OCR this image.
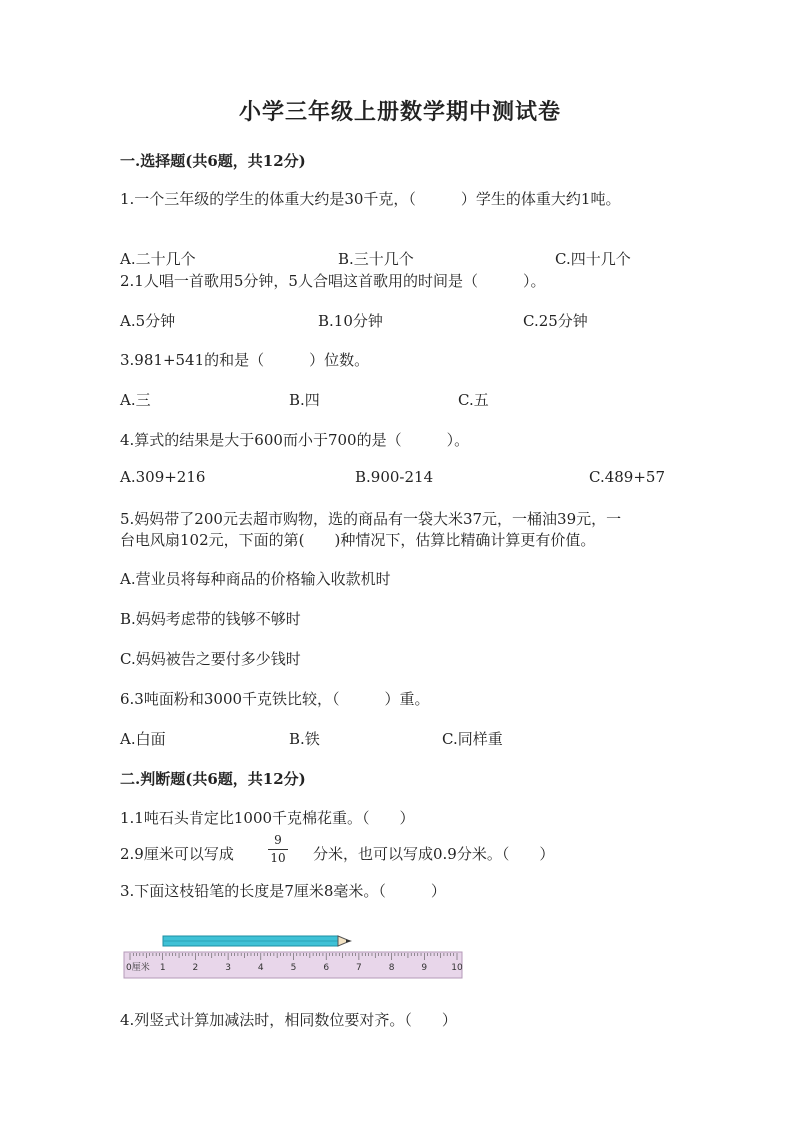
小学三年级上册数学期中测试卷
一.选择题(共6题，共12分)
1.一个三年级的学生的体重大约是30千克，（　　　）学生的体重大约1吨。
A.二十几个	B.三十几个	C.四十几个
2.1人唱一首歌用5分钟，5人合唱这首歌用的时间是（　　　）。
A.5分钟	B.10分钟	C.25分钟
3.981+541的和是（　　　）位数。
A.三	B.四	C.五
4.算式的结果是大于600而小于700的是（　　　）。
A.309+216	B.900-214	C.489+57
5.妈妈带了200元去超市购物，选的商品有一袋大米37元，一桶油39元，一
台电风扇102元，下面的第(　　)种情况下，估算比精确计算更有价值。
A.营业员将每种商品的价格输入收款机时
B.妈妈考虑带的钱够不够时
C.妈妈被告之要付多少钱时
6.3吨面粉和3000千克铁比较，（　　　）重。
A.白面	B.铁	C.同样重
二.判断题(共6题，共12分)
1.1吨石头肯定比1000千克棉花重。（　　）
2.9厘米可以写成
9
10 分米，也可以写成0.9分米。（　　）
3.下面这枝铅笔的长度是7厘米8毫米。（　　　）
0厘米 1	2	3	4	5	6	7	8	9	10
4.列竖式计算加减法时，相同数位要对齐。（　　）
